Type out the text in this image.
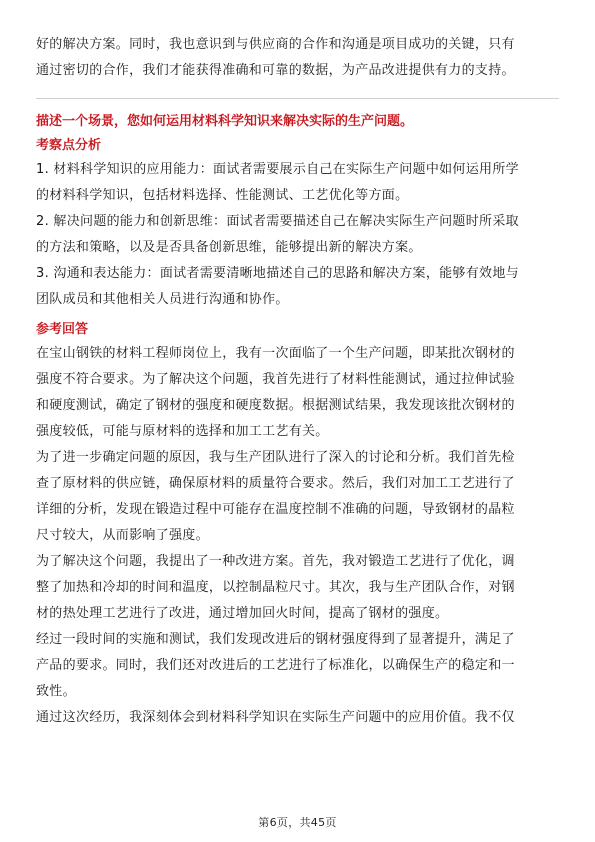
好的解决方案。同时，我也意识到与供应商的合作和沟通是项目成功的关键，只有
通过密切的合作，我们才能获得准确和可靠的数据，为产品改进提供有力的支持。
描述一个场景，您如何运用材料科学知识来解决实际的生产问题。
考察点分析
1. 材料科学知识的应用能力：面试者需要展示自己在实际生产问题中如何运用所学
的材料科学知识，包括材料选择、性能测试、工艺优化等方面。
2. 解决问题的能力和创新思维：面试者需要描述自己在解决实际生产问题时所采取
的方法和策略，以及是否具备创新思维，能够提出新的解决方案。
3. 沟通和表达能力：面试者需要清晰地描述自己的思路和解决方案，能够有效地与
团队成员和其他相关人员进行沟通和协作。
参考回答
在宝山钢铁的材料工程师岗位上，我有一次面临了一个生产问题，即某批次钢材的
强度不符合要求。为了解决这个问题，我首先进行了材料性能测试，通过拉伸试验
和硬度测试，确定了钢材的强度和硬度数据。根据测试结果，我发现该批次钢材的
强度较低，可能与原材料的选择和加工工艺有关。
为了进一步确定问题的原因，我与生产团队进行了深入的讨论和分析。我们首先检
查了原材料的供应链，确保原材料的质量符合要求。然后，我们对加工工艺进行了
详细的分析，发现在锻造过程中可能存在温度控制不准确的问题，导致钢材的晶粒
尺寸较大，从而影响了强度。
为了解决这个问题，我提出了一种改进方案。首先，我对锻造工艺进行了优化，调
整了加热和冷却的时间和温度，以控制晶粒尺寸。其次，我与生产团队合作，对钢
材的热处理工艺进行了改进，通过增加回火时间，提高了钢材的强度。
经过一段时间的实施和测试，我们发现改进后的钢材强度得到了显著提升，满足了
产品的要求。同时，我们还对改进后的工艺进行了标准化，以确保生产的稳定和一
致性。
通过这次经历，我深刻体会到材料科学知识在实际生产问题中的应用价值。我不仅
第6页，共45页
